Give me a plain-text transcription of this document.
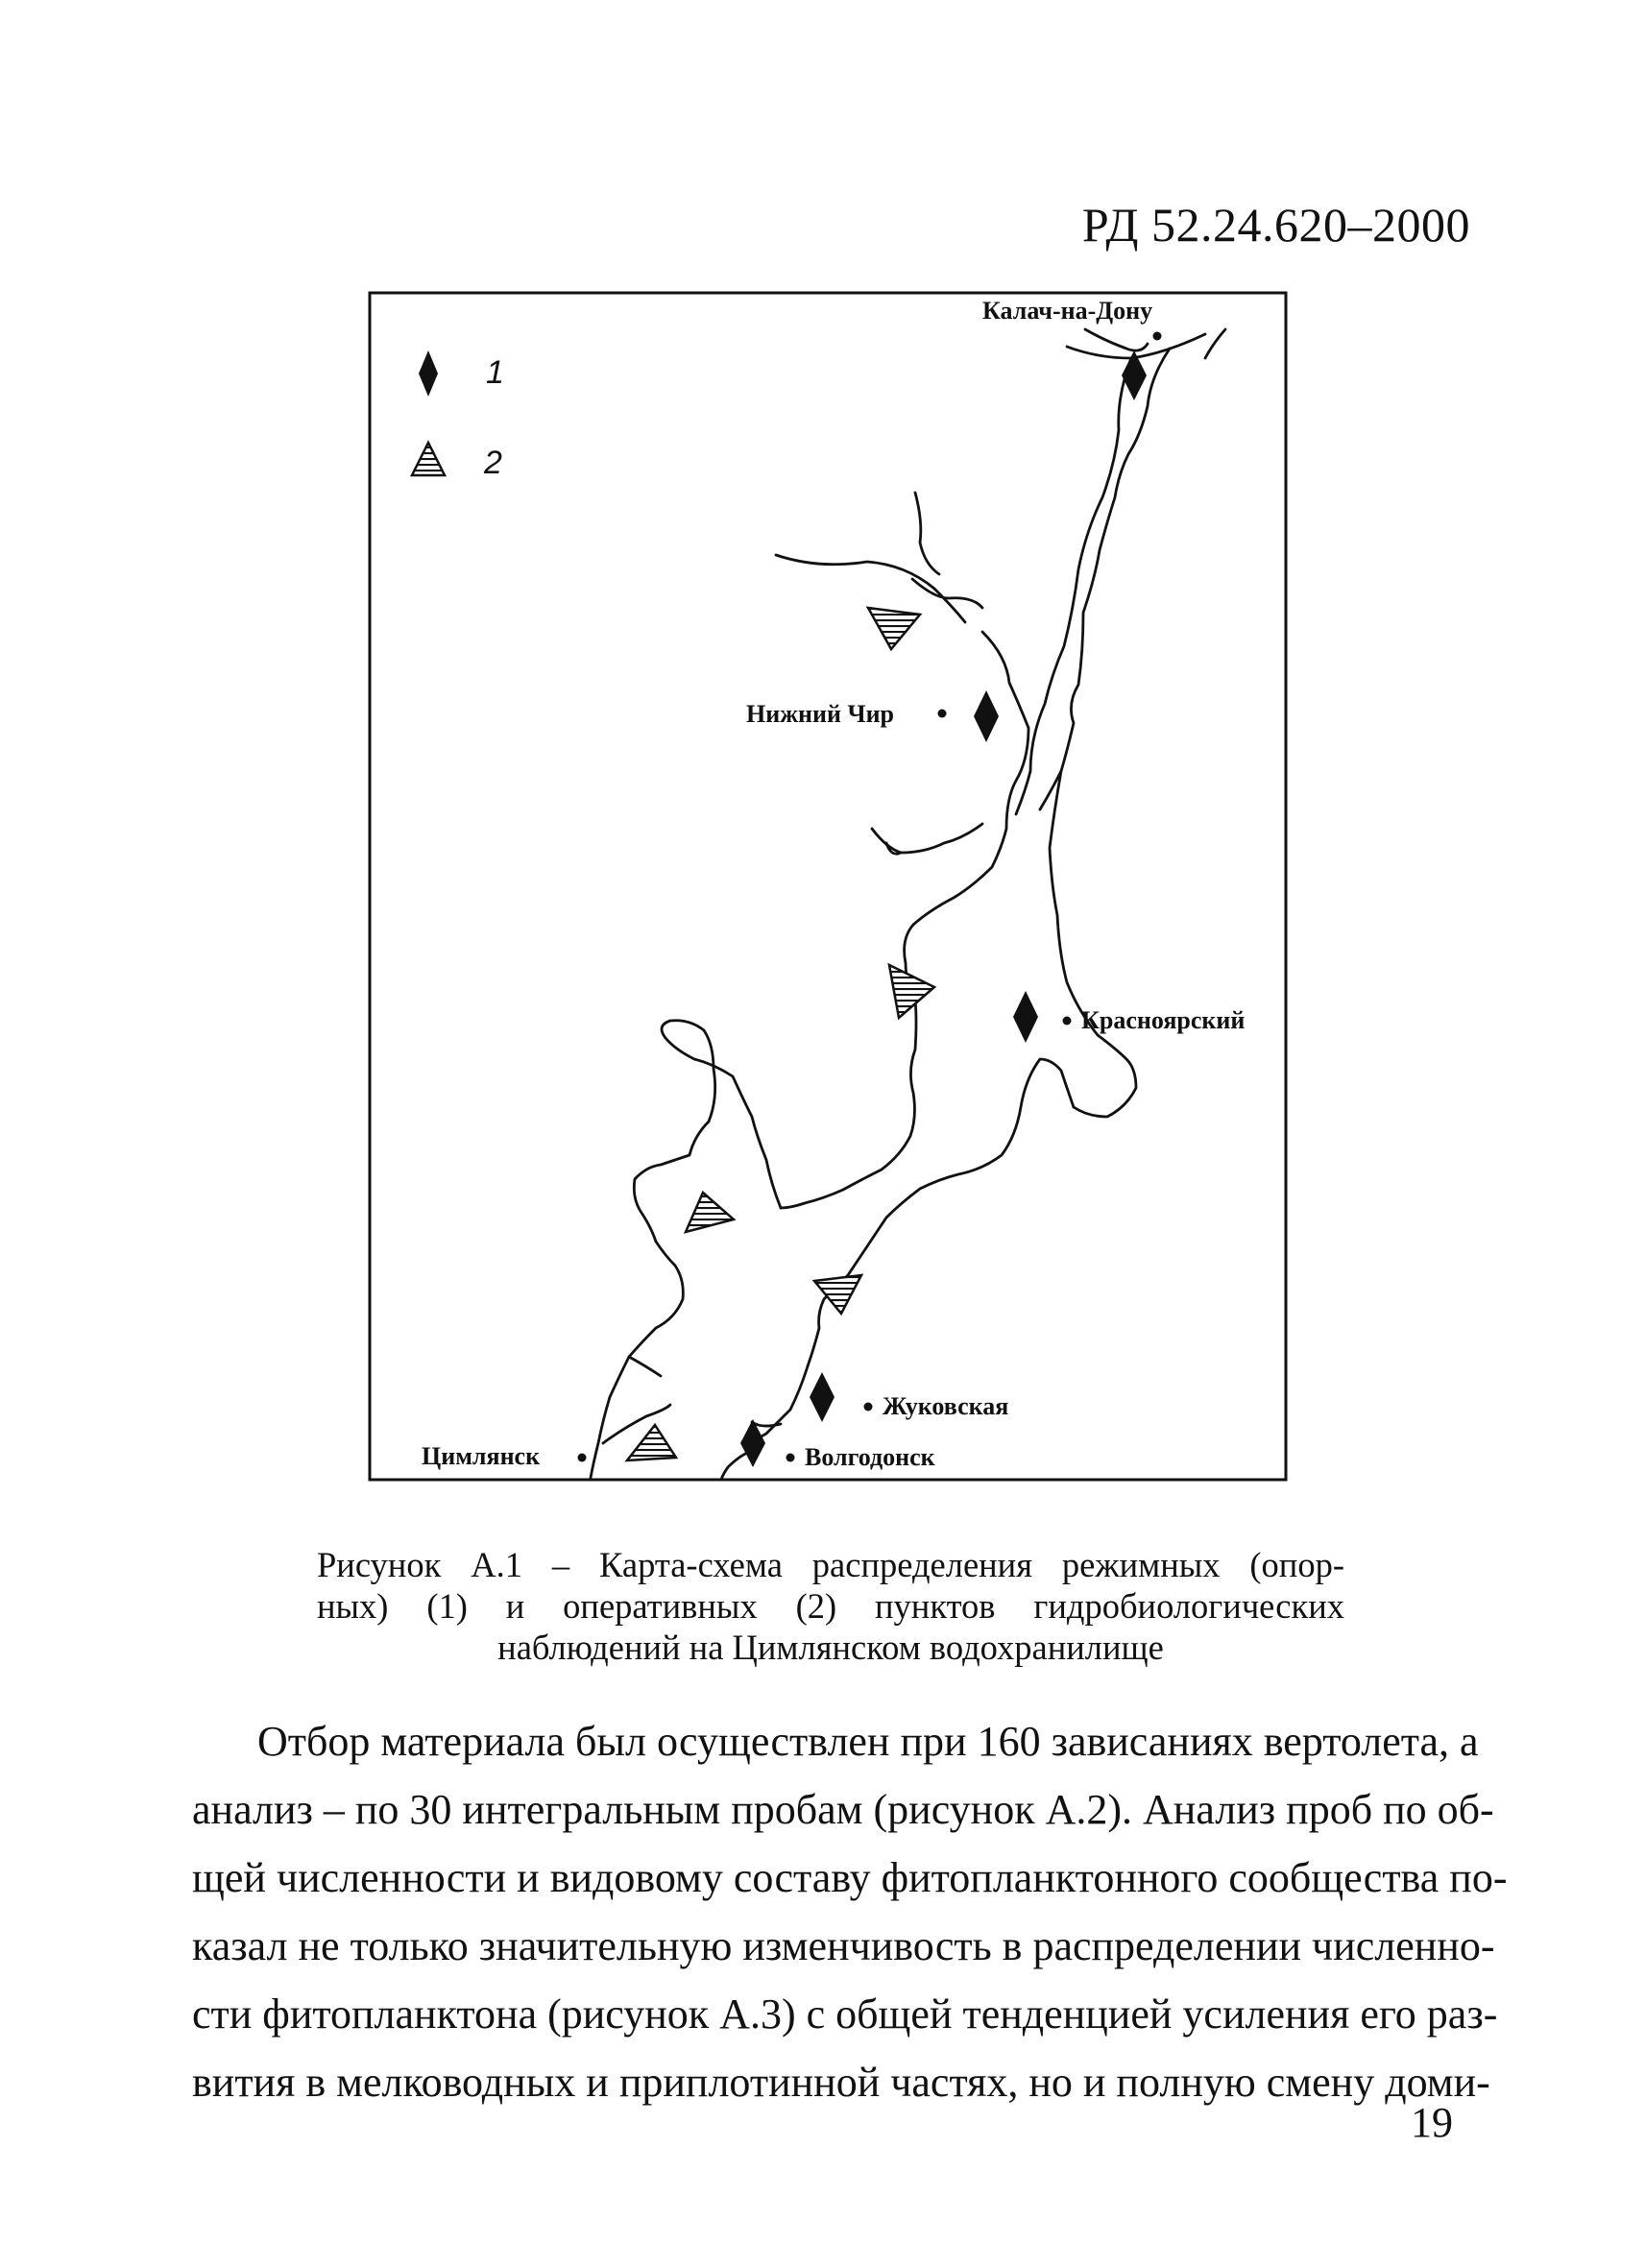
РД 52.24.620–2000
1
2
Калач-на-Дону
Нижний Чир
Красноярский
Жуковская
Цимлянск	Волгодонск
Рисунок А.1 – Карта-схема распределения режимных (опор-
ных) (1) и оперативных (2) пунктов гидробиологических
наблюдений на Цимлянском водохранилище
Отбор материала был осуществлен при 160 зависаниях вертолета, а
анализ – по 30 интегральным пробам (рисунок А.2). Анализ проб по об-
щей численности и видовому составу фитопланктонного сообщества по-
казал не только значительную изменчивость в распределении численно-
сти фитопланктона (рисунок А.3) с общей тенденцией усиления его раз-
вития в мелководных и приплотинной частях, но и полную смену доми-
19
